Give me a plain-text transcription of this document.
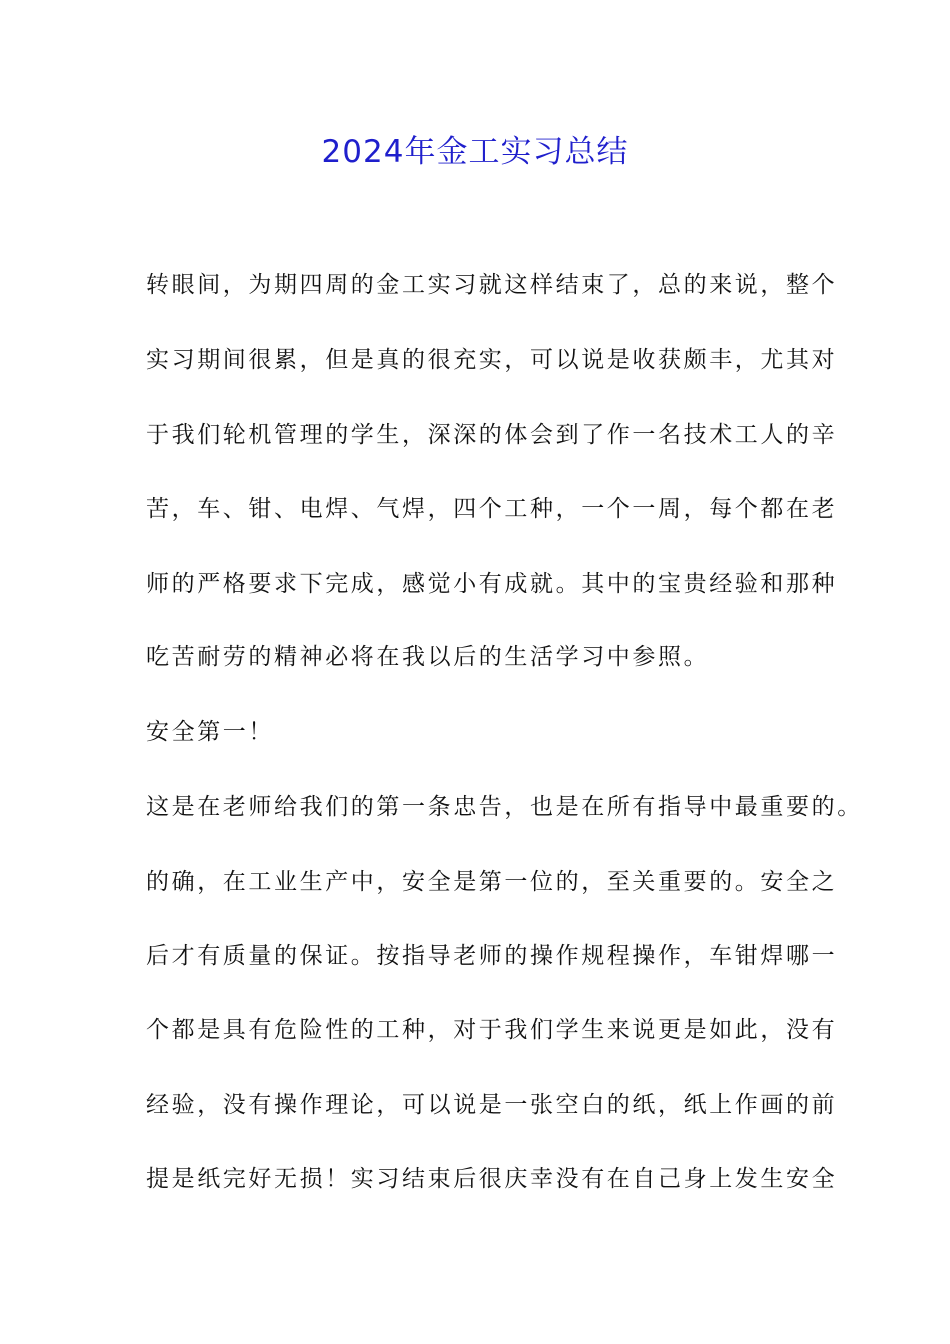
2024年金工实习总结

转眼间，为期四周的金工实习就这样结束了，总的来说，整个

实习期间很累，但是真的很充实，可以说是收获颇丰，尤其对

于我们轮机管理的学生，深深的体会到了作一名技术工人的辛

苦，车、钳、电焊、气焊，四个工种，一个一周，每个都在老

师的严格要求下完成，感觉小有成就。其中的宝贵经验和那种

吃苦耐劳的精神必将在我以后的生活学习中参照。

安全第一！

这是在老师给我们的第一条忠告，也是在所有指导中最重要的。

的确，在工业生产中，安全是第一位的，至关重要的。安全之

后才有质量的保证。按指导老师的操作规程操作，车钳焊哪一

个都是具有危险性的工种，对于我们学生来说更是如此，没有

经验，没有操作理论，可以说是一张空白的纸，纸上作画的前

提是纸完好无损！实习结束后很庆幸没有在自己身上发生安全
